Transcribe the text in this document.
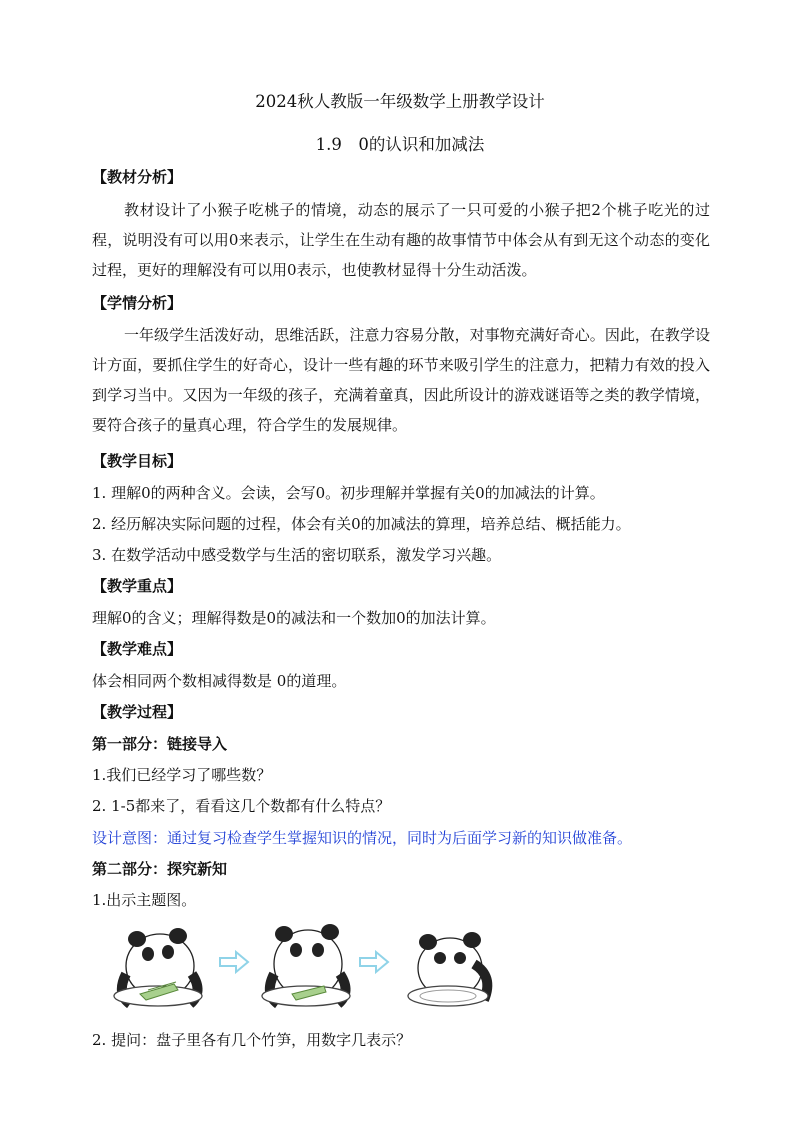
2024秋人教版一年级数学上册教学设计
1.9　0的认识和加减法
【教材分析】
教材设计了小猴子吃桃子的情境，动态的展示了一只可爱的小猴子把2个桃子吃光的过程，说明没有可以用0来表示，让学生在生动有趣的故事情节中体会从有到无这个动态的变化过程，更好的理解没有可以用0表示，也使教材显得十分生动活泼。
【学情分析】
一年级学生活泼好动，思维活跃，注意力容易分散，对事物充满好奇心。因此，在教学设计方面，要抓住学生的好奇心，设计一些有趣的环节来吸引学生的注意力，把精力有效的投入到学习当中。又因为一年级的孩子，充满着童真，因此所设计的游戏谜语等之类的教学情境，要符合孩子的量真心理，符合学生的发展规律。
【教学目标】
1. 理解0的两种含义。会读，会写0。初步理解并掌握有关0的加减法的计算。
2. 经历解决实际问题的过程，体会有关0的加减法的算理，培养总结、概括能力。
3. 在数学活动中感受数学与生活的密切联系，激发学习兴趣。
【教学重点】
理解0的含义；理解得数是0的减法和一个数加0的加法计算。
【教学难点】
体会相同两个数相减得数是 0的道理。
【教学过程】
第一部分：链接导入
1.我们已经学习了哪些数？
2. 1-5都来了，看看这几个数都有什么特点？
设计意图：通过复习检查学生掌握知识的情况，同时为后面学习新的知识做准备。
第二部分：探究新知
1.出示主题图。
2. 提问：盘子里各有几个竹笋，用数字几表示？
